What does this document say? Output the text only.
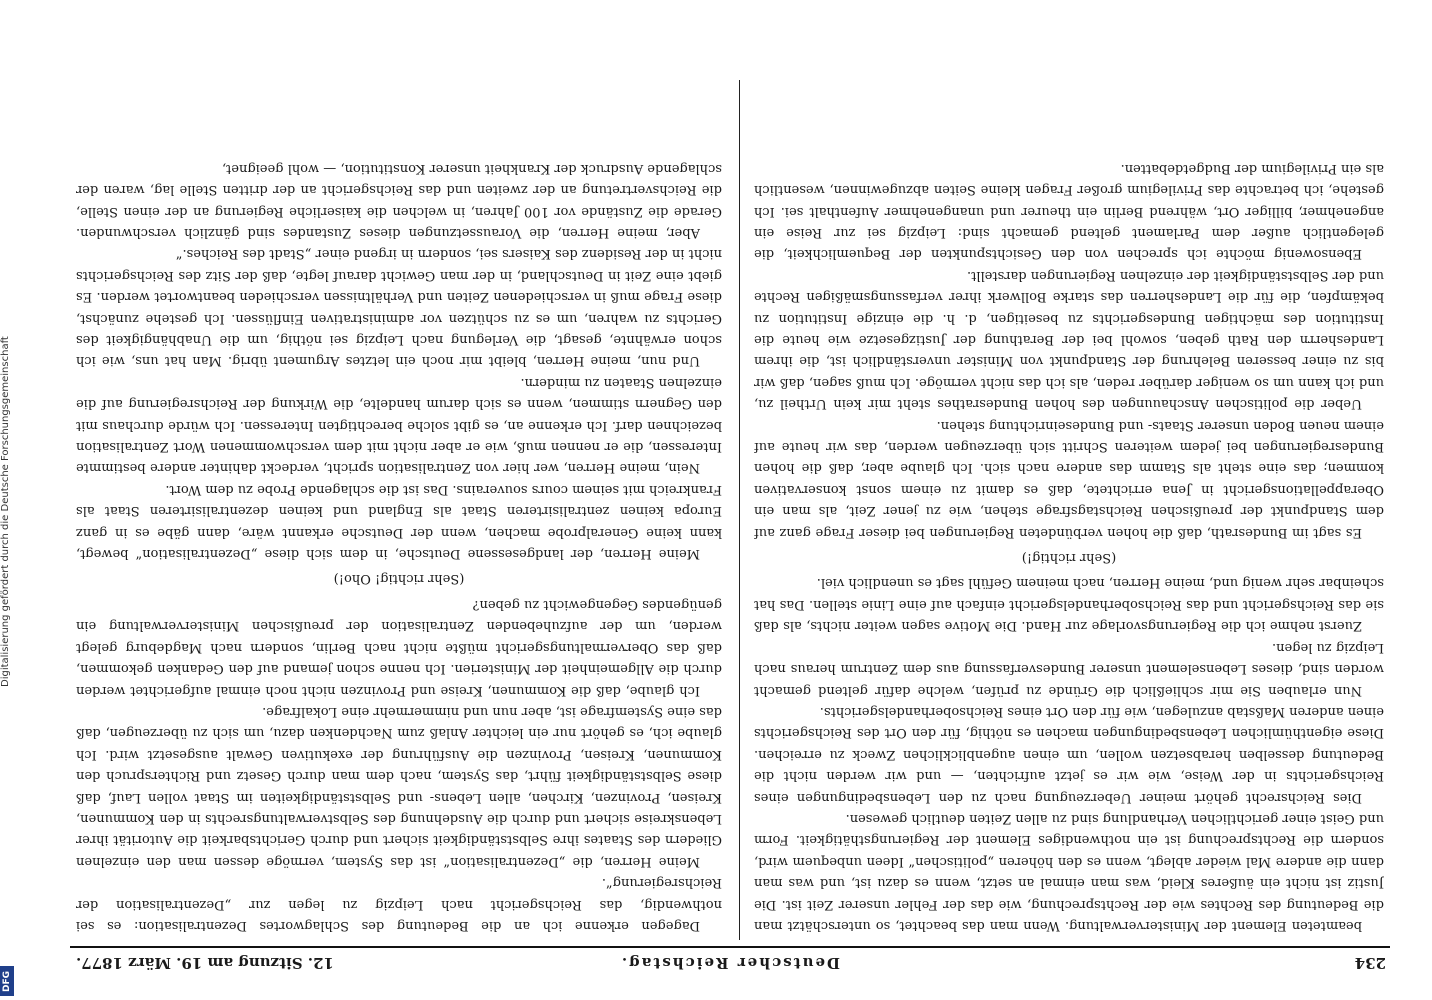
234
Deutscher Reichstag.
12. Sitzung am 19. März 1877.

beamteten Element der Ministerverwaltung. Wenn man das beachtet, so unterschätzt man die Bedeutung des Rechtes wie der Rechtsprechung, wie das der Fehler unserer Zeit ist. Die Justiz ist nicht ein äußeres Kleid, was man einmal an setzt, wenn es dazu ist, und was man dann die andere Mal wieder ablegt, wenn es den höheren „politischen“ Ideen unbequem wird, sondern die Rechtsprechung ist ein nothwendiges Element der Regierungsthätigkeit. Form und Geist einer gerichtlichen Verhandlung sind zu allen Zeiten deutlich gewesen.

Dies Reichsrecht gehört meiner Ueberzeugung nach zu den Lebensbedingungen eines Reichsgerichts in der Weise, wie wir es jetzt aufrichten, — und wir werden nicht die Bedeutung desselben herabsetzen wollen, um einen augenblicklichen Zweck zu erreichen. Diese eigenthümlichen Lebensbedingungen machen es nöthig, für den Ort des Reichsgerichts einen anderen Maßstab anzulegen, wie für den Ort eines Reichsoberhandelsgerichts.

Nun erlauben Sie mir schließlich die Gründe zu prüfen, welche dafür geltend gemacht worden sind, dieses Lebenselement unserer Bundesverfassung aus dem Zentrum heraus nach Leipzig zu legen.

Zuerst nehme ich die Regierungsvorlage zur Hand. Die Motive sagen weiter nichts, als daß sie das Reichsgericht und das Reichsoberhandelsgericht einfach auf eine Linie stellen. Das hat scheinbar sehr wenig und, meine Herren, nach meinem Gefühl sagt es unendlich viel.

(Sehr richtig!)

Es sagt im Bundesrath, daß die hohen verbündeten Regierungen bei dieser Frage ganz auf dem Standpunkt der preußischen Reichstagsfrage stehen, wie zu jener Zeit, als man ein Oberappellationsgericht in Jena errichtete, daß es damit zu einem sonst konservativen kommen; das eine steht als Stamm das andere nach sich. Ich glaube aber, daß die hohen Bundesregierungen bei jedem weiteren Schritt sich überzeugen werden, das wir heute auf einem neuen Boden unserer Staats- und Bundeseinrichtung stehen.

Ueber die politischen Anschauungen des hohen Bundesrathes steht mir kein Urtheil zu, und ich kann um so weniger darüber reden, als ich das nicht vermöge. Ich muß sagen, daß wir bis zu einer besseren Belehrung der Standpunkt von Minister unverständlich ist, die ihrem Landesherrn den Rath geben, sowohl bei der Berathung der Justizgesetze wie heute die Institution des mächtigen Bundesgerichts zu beseitigen, d. h. die einzige Institution zu bekämpfen, die für die Landesherren das starke Bollwerk ihrer verfassungsmäßigen Rechte und der Selbstständigkeit der einzelnen Regierungen darstellt.

Ebensowenig möchte ich sprechen von den Gesichtspunkten der Bequemlichkeit, die gelegentlich außer dem Parlament geltend gemacht sind: Leipzig sei zur Reise ein angenehmer, billiger Ort, während Berlin ein theurer und unangenehmer Aufenthalt sei. Ich gestehe, ich betrachte das Privilegium großer Fragen kleine Seiten abzugewinnen, wesentlich als ein Privilegium der Budgetdebatten.

Dagegen erkenne ich an die Bedeutung des Schlagwortes Dezentralisation: es sei nothwendig, das Reichsgericht nach Leipzig zu legen zur „Dezentralisation der Reichsregierung“.

Meine Herren, die „Dezentralisation“ ist das System, vermöge dessen man den einzelnen Gliedern des Staates ihre Selbstständigkeit sichert und durch Gerichtsbarkeit die Autorität ihrer Lebenskreise sichert und durch die Ausdehnung des Selbstverwaltungsrechts in den Kommunen, Kreisen, Provinzen, Kirchen, allen Lebens- und Selbstständigkeiten im Staat vollen Lauf, daß diese Selbstständigkeit führt, das System, nach dem man durch Gesetz und Richterspruch den Kommunen, Kreisen, Provinzen die Ausführung der exekutiven Gewalt ausgesetzt wird. Ich glaube ich, es gehört nur ein leichter Anlaß zum Nachdenken dazu, um sich zu überzeugen, daß das eine Systemfrage ist, aber nun und nimmermehr eine Lokalfrage.

Ich glaube, daß die Kommunen, Kreise und Provinzen nicht noch einmal aufgerichtet werden durch die Allgemeinheit der Ministerien. Ich nenne schon jemand auf den Gedanken gekommen, daß das Obervermaltungsgericht müßte nicht nach Berlin, sondern nach Magdeburg gelegt werden, um der aufzuhebenden Zentralisation der preußischen Ministerverwaltung ein genügendes Gegengewicht zu geben?

(Sehr richtig! Oho!)

Meine Herren, der landgesessene Deutsche, in dem sich diese „Dezentralisation“ bewegt, kann keine Generalprobe machen, wenn der Deutsche erkannt wäre, dann gäbe es in ganz Europa keinen zentralisirteren Staat als England und keinen dezentralisirteren Staat als Frankreich mit seinem cours souverains. Das ist die schlagende Probe zu dem Wort.

Nein, meine Herren, wer hier von Zentralisation spricht, verdeckt dahinter andere bestimmte Interessen, die er nennen muß, wie er aber nicht mit dem verschwommenen Wort Zentralisation bezeichnen darf. Ich erkenne an, es gibt solche berechtigten Interessen. Ich würde durchaus mit den Gegnern stimmen, wenn es sich darum handelte, die Wirkung der Reichsregierung auf die einzelnen Staaten zu mindern.

Und nun, meine Herren, bleibt mir noch ein letztes Argument übrig. Man hat uns, wie ich schon erwähnte, gesagt, die Verlegung nach Leipzig sei nöthig, um die Unabhängigkeit des Gerichts zu wahren, um es zu schützen vor administrativen Einflüssen. Ich gestehe zunächst, diese Frage muß in verschiedenen Zeiten und Verhältnissen verschieden beantwortet werden. Es giebt eine Zeit in Deutschland, in der man Gewicht darauf legte, daß der Sitz des Reichsgerichts nicht in der Residenz des Kaisers sei, sondern in irgend einer „Stadt des Reiches.“

Aber, meine Herren, die Voraussetzungen dieses Zustandes sind gänzlich verschwunden. Gerade die Zustände vor 100 Jahren, in welchen die kaiserliche Regierung an der einen Stelle, die Reichsvertretung an der zweiten und das Reichsgericht an der dritten Stelle lag, waren der schlagende Ausdruck der Krankheit unserer Konstitution, — wohl geeignet,

Digitalisierung gefördert durch die Deutsche Forschungsgemeinschaft
DFG
